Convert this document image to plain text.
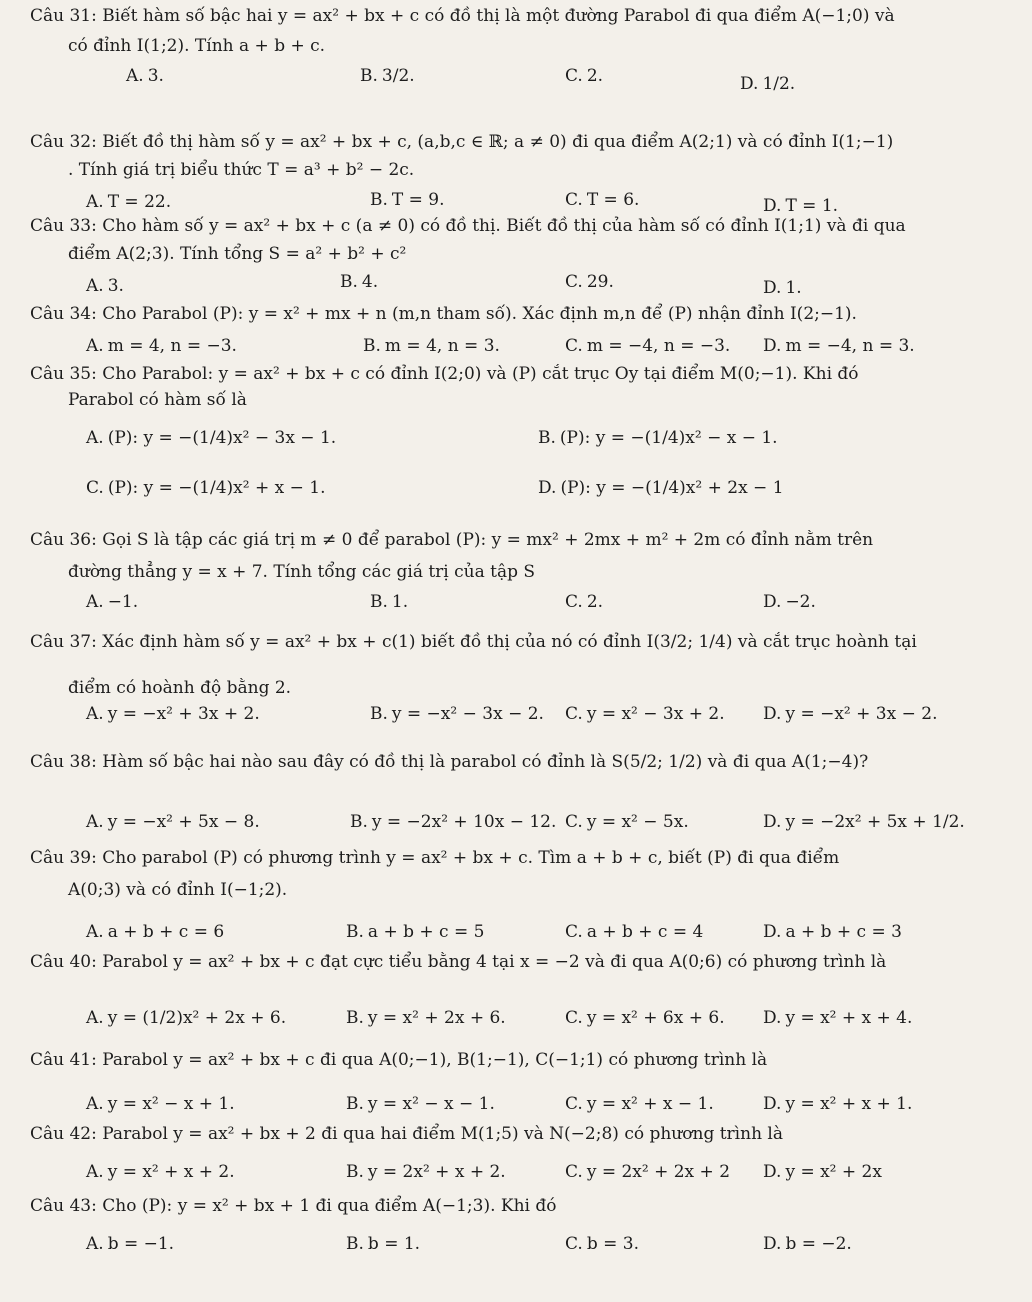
Câu 31: Biết hàm số bậc hai y = ax² + bx + c có đồ thị là một đường Parabol đi qua điểm A(−1;0) và
có đỉnh I(1;2). Tính a + b + c.
A. 3.	B. 3/2.	C. 2.	D. 1/2.
Câu 32: Biết đồ thị hàm số y = ax² + bx + c, (a,b,c ∈ ℝ; a ≠ 0) đi qua điểm A(2;1) và có đỉnh I(1;−1)
. Tính giá trị biểu thức T = a³ + b² − 2c.
A. T = 22.	B. T = 9.	C. T = 6.	D. T = 1.
Câu 33: Cho hàm số y = ax² + bx + c (a ≠ 0) có đồ thị. Biết đồ thị của hàm số có đỉnh I(1;1) và đi qua
điểm A(2;3). Tính tổng S = a² + b² + c²
A. 3.	B. 4.	C. 29.	D. 1.
Câu 34: Cho Parabol (P): y = x² + mx + n (m,n tham số). Xác định m,n để (P) nhận đỉnh I(2;−1).
A. m = 4, n = −3.	B. m = 4, n = 3.	C. m = −4, n = −3. D. m = −4, n = 3.
Câu 35: Cho Parabol: y = ax² + bx + c có đỉnh I(2;0) và (P) cắt trục Oy tại điểm M(0;−1). Khi đó
Parabol có hàm số là
A. (P): y = −(1/4)x² − 3x − 1.	B. (P): y = −(1/4)x² − x − 1.
C. (P): y = −(1/4)x² + x − 1.	D. (P): y = −(1/4)x² + 2x − 1
Câu 36: Gọi S là tập các giá trị m ≠ 0 để parabol (P): y = mx² + 2mx + m² + 2m có đỉnh nằm trên
đường thẳng y = x + 7. Tính tổng các giá trị của tập S
A. −1.	B. 1.	C. 2.	D. −2.
Câu 37: Xác định hàm số y = ax² + bx + c(1) biết đồ thị của nó có đỉnh I(3/2; 1/4) và cắt trục hoành tại
điểm có hoành độ bằng 2.
A. y = −x² + 3x + 2.	B. y = −x² − 3x − 2. C. y = x² − 3x + 2. D. y = −x² + 3x − 2.
Câu 38: Hàm số bậc hai nào sau đây có đồ thị là parabol có đỉnh là S(5/2; 1/2) và đi qua A(1;−4)?
A. y = −x² + 5x − 8.	B. y = −2x² + 10x − 12. C. y = x² − 5x.	D. y = −2x² + 5x + 1/2.
Câu 39: Cho parabol (P) có phương trình y = ax² + bx + c. Tìm a + b + c, biết (P) đi qua điểm
A(0;3) và có đỉnh I(−1;2).
A. a + b + c = 6	B. a + b + c = 5	C. a + b + c = 4	D. a + b + c = 3
Câu 40: Parabol y = ax² + bx + c đạt cực tiểu bằng 4 tại x = −2 và đi qua A(0;6) có phương trình là
A. y = (1/2)x² + 2x + 6.	B. y = x² + 2x + 6.	C. y = x² + 6x + 6. D. y = x² + x + 4.
Câu 41: Parabol y = ax² + bx + c đi qua A(0;−1), B(1;−1), C(−1;1) có phương trình là
A. y = x² − x + 1.	B. y = x² − x − 1.	C. y = x² + x − 1.	D. y = x² + x + 1.
Câu 42: Parabol y = ax² + bx + 2 đi qua hai điểm M(1;5) và N(−2;8) có phương trình là
A. y = x² + x + 2.	B. y = 2x² + x + 2.	C. y = 2x² + 2x + 2 D. y = x² + 2x
Câu 43: Cho (P): y = x² + bx + 1 đi qua điểm A(−1;3). Khi đó
A. b = −1.	B. b = 1.	C. b = 3.	D. b = −2.
